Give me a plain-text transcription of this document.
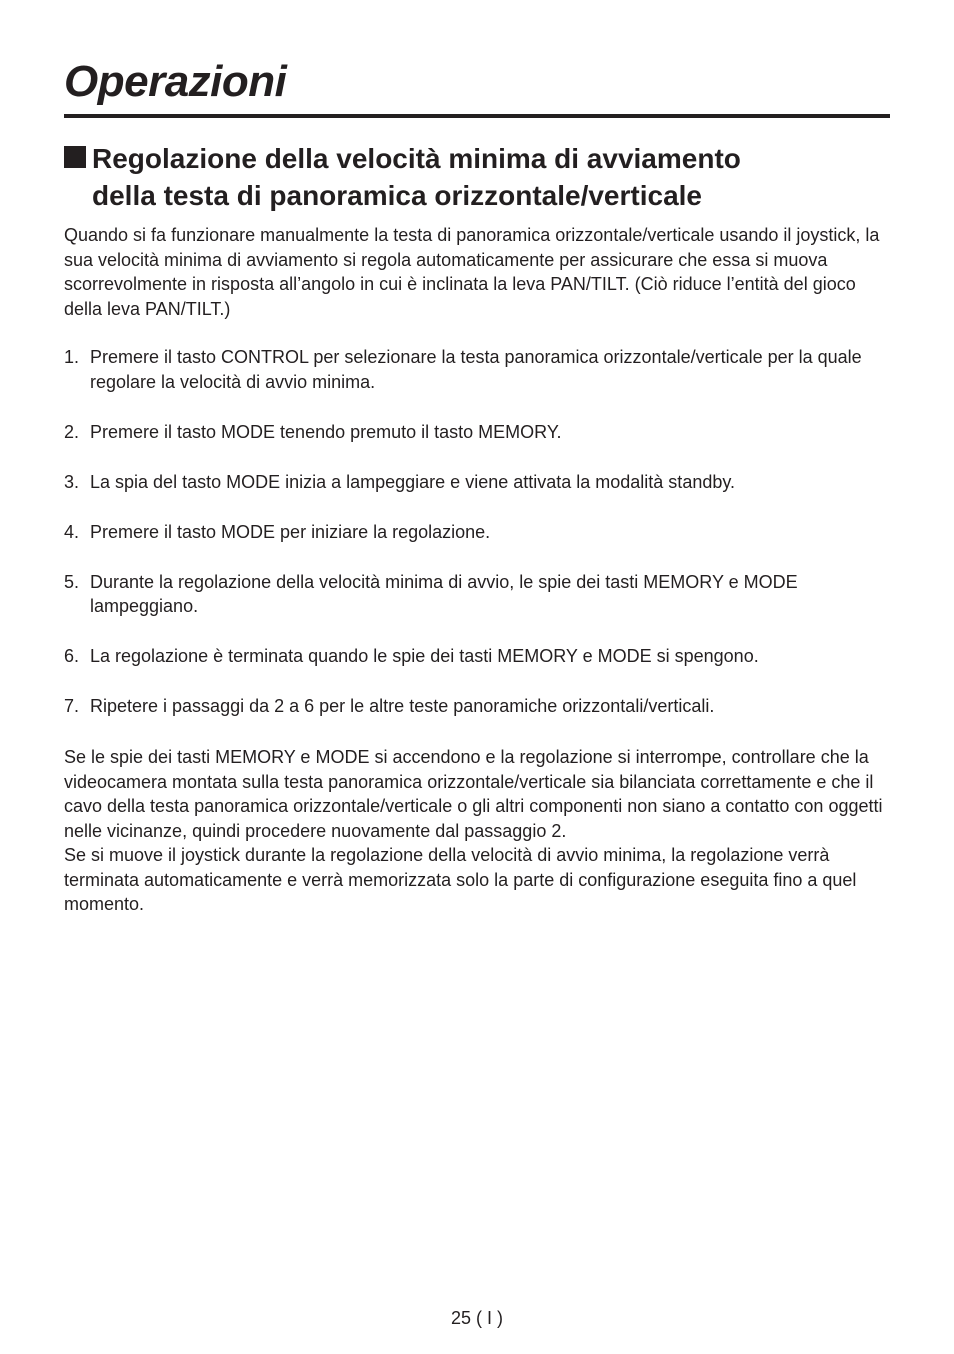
Operazioni
Regolazione della velocità minima di avviamento
della testa di panoramica orizzontale/verticale

Quando si fa funzionare manualmente la testa di panoramica orizzontale/verticale usando il joystick, la sua velocità minima di avviamento si regola automaticamente per assicurare che essa si muova scorrevolmente in risposta all’angolo in cui è inclinata la leva PAN/TILT. (Ciò riduce l’entità del gioco della leva PAN/TILT.)

1. Premere il tasto CONTROL per selezionare la testa panoramica orizzontale/verticale per la quale regolare la velocità di avvio minima.
2. Premere il tasto MODE tenendo premuto il tasto MEMORY.
3. La spia del tasto MODE inizia a lampeggiare e viene attivata la modalità standby.
4. Premere il tasto MODE per iniziare la regolazione.
5. Durante la regolazione della velocità minima di avvio, le spie dei tasti MEMORY e MODE lampeggiano.
6. La regolazione è terminata quando le spie dei tasti MEMORY e MODE si spengono.
7. Ripetere i passaggi da 2 a 6 per le altre teste panoramiche orizzontali/verticali.

Se le spie dei tasti MEMORY e MODE si accendono e la regolazione si interrompe, controllare che la videocamera montata sulla testa panoramica orizzontale/verticale sia bilanciata correttamente e che il cavo della testa panoramica orizzontale/verticale o gli altri componenti non siano a contatto con oggetti nelle vicinanze, quindi procedere nuovamente dal passaggio 2.

Se si muove il joystick durante la regolazione della velocità di avvio minima, la regolazione verrà terminata automaticamente e verrà memorizzata solo la parte di configurazione eseguita fino a quel momento.

25 ( I )
